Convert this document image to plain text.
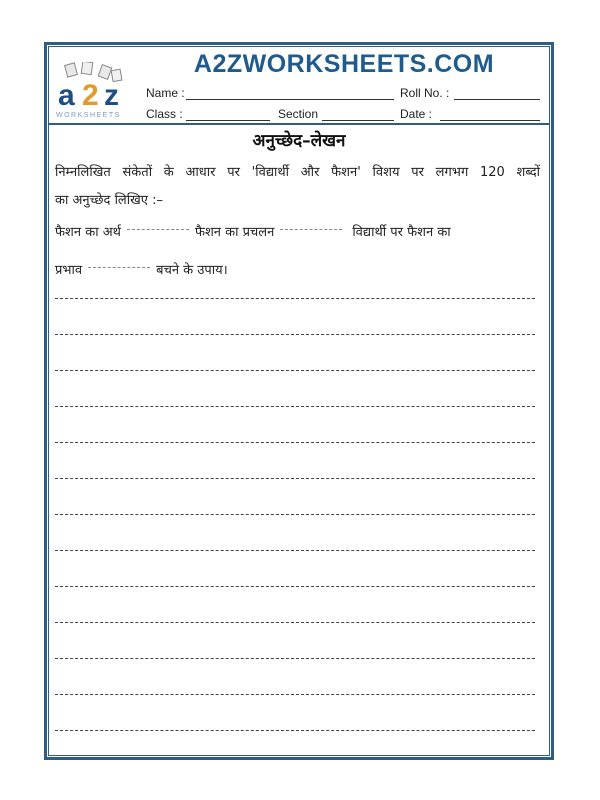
a 2 z
WORKSHEETS
A2ZWORKSHEETS.COM
Name :	Roll No. :
Class :	Section	Date :
अनुच्छेद–लेखन
निम्नलिखित संकेतों के आधार पर 'विद्यार्थी और फैशन' विशय पर लगभग 120 शब्दों
का अनुच्छेद लिखिए :–
फैशन का अर्थ	फैशन का प्रचलन	विद्यार्थी पर फैशन का
प्रभाव	बचने के उपाय।
